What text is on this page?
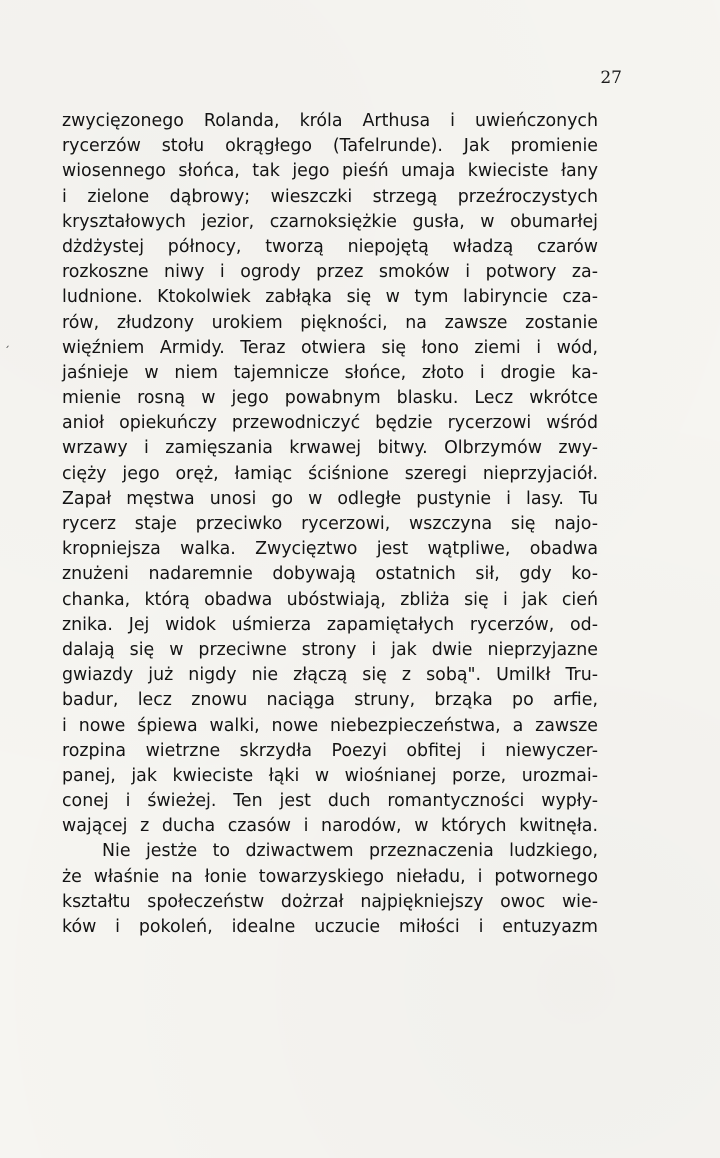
27
ˏ
zwycięzonego Rolanda, króla Arthusa i uwieńczonych
rycerzów stołu okrągłego (Tafelrunde). Jak promienie
wiosennego słońca, tak jego pieśń umaja kwieciste łany
i zielone dąbrowy; wieszczki strzegą przeźroczystych
kryształowych jezior, czarnoksiężkie gusła, w obumarłej
dżdżystej północy, tworzą niepojętą władzą czarów
rozkoszne niwy i ogrody przez smoków i potwory za-
ludnione. Ktokolwiek zabłąka się w tym labiryncie cza-
rów, złudzony urokiem piękności, na zawsze zostanie
więźniem Armidy. Teraz otwiera się łono ziemi i wód,
jaśnieje w niem tajemnicze słońce, złoto i drogie ka-
mienie rosną w jego powabnym blasku. Lecz wkrótce
anioł opiekuńczy przewodniczyć będzie rycerzowi wśród
wrzawy i zamięszania krwawej bitwy. Olbrzymów zwy-
cięży jego oręż, łamiąc ściśnione szeregi nieprzyjaciół.
Zapał męstwa unosi go w odległe pustynie i lasy. Tu
rycerz staje przeciwko rycerzowi, wszczyna się najo-
kropniejsza walka. Zwycięztwo jest wątpliwe, obadwa
znużeni nadaremnie dobywają ostatnich sił, gdy ko-
chanka, którą obadwa ubóstwiają, zbliża się i jak cień
znika. Jej widok uśmierza zapamiętałych rycerzów, od-
dalają się w przeciwne strony i jak dwie nieprzyjazne
gwiazdy już nigdy nie złączą się z sobą". Umilkł Tru-
badur, lecz znowu naciąga struny, brząka po arfie,
i nowe śpiewa walki, nowe niebezpieczeństwa, a zawsze
rozpina wietrzne skrzydła Poezyi obfitej i niewyczer-
panej, jak kwieciste łąki w wiośnianej porze, urozmai-
conej i świeżej. Ten jest duch romantyczności wypły-
wającej z ducha czasów i narodów, w których kwitnęła.
Nie jestże to dziwactwem przeznaczenia ludzkiego,
że właśnie na łonie towarzyskiego nieładu, i potwornego
kształtu społeczeństw dożrzał najpiękniejszy owoc wie-
ków i pokoleń, idealne uczucie miłości i entuzyazm
